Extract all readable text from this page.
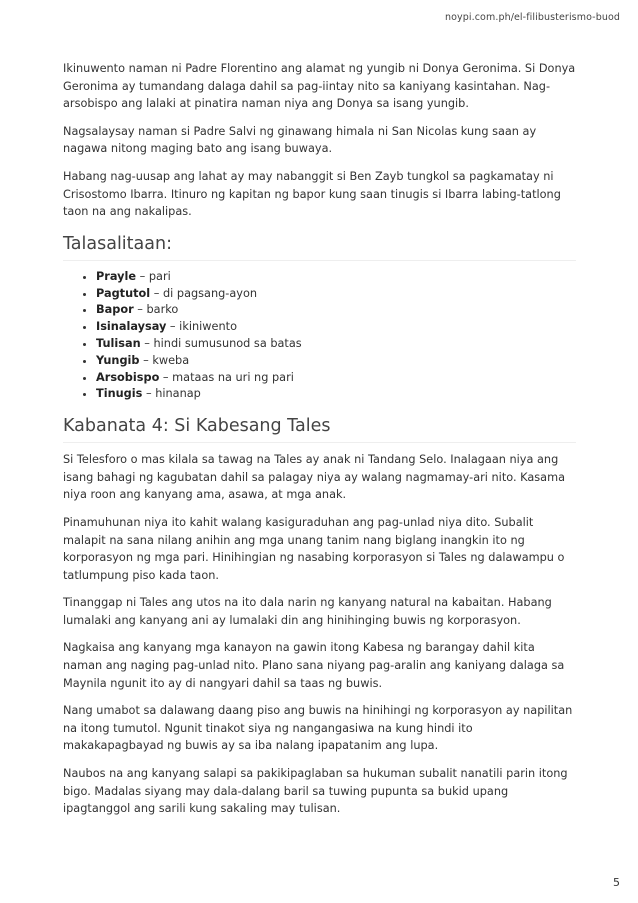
noypi.com.ph/el-filibusterismo-buod

Ikinuwento naman ni Padre Florentino ang alamat ng yungib ni Donya Geronima. Si Donya Geronima ay tumandang dalaga dahil sa pag-iintay nito sa kaniyang kasintahan. Nag-arsobispo ang lalaki at pinatira naman niya ang Donya sa isang yungib.

Nagsalaysay naman si Padre Salvi ng ginawang himala ni San Nicolas kung saan ay nagawa nitong maging bato ang isang buwaya.

Habang nag-uusap ang lahat ay may nabanggit si Ben Zayb tungkol sa pagkamatay ni Crisostomo Ibarra. Itinuro ng kapitan ng bapor kung saan tinugis si Ibarra labing-tatlong taon na ang nakalipas.

Talasalitaan:
• Prayle – pari
• Pagtutol – di pagsang-ayon
• Bapor – barko
• Isinalaysay – ikiniwento
• Tulisan – hindi sumusunod sa batas
• Yungib – kweba
• Arsobispo – mataas na uri ng pari
• Tinugis – hinanap
Kabanata 4: Si Kabesang Tales

Si Telesforo o mas kilala sa tawag na Tales ay anak ni Tandang Selo. Inalagaan niya ang isang bahagi ng kagubatan dahil sa palagay niya ay walang nagmamay-ari nito. Kasama niya roon ang kanyang ama, asawa, at mga anak.

Pinamuhunan niya ito kahit walang kasiguraduhan ang pag-unlad niya dito. Subalit malapit na sana nilang anihin ang mga unang tanim nang biglang inangkin ito ng korporasyon ng mga pari. Hinihingian ng nasabing korporasyon si Tales ng dalawampu o tatlumpung piso kada taon.

Tinanggap ni Tales ang utos na ito dala narin ng kanyang natural na kabaitan. Habang lumalaki ang kanyang ani ay lumalaki din ang hinihinging buwis ng korporasyon.

Nagkaisa ang kanyang mga kanayon na gawin itong Kabesa ng barangay dahil kita naman ang naging pag-unlad nito. Plano sana niyang pag-aralin ang kaniyang dalaga sa Maynila ngunit ito ay di nangyari dahil sa taas ng buwis.

Nang umabot sa dalawang daang piso ang buwis na hinihingi ng korporasyon ay napilitan na itong tumutol. Ngunit tinakot siya ng nangangasiwa na kung hindi ito makakapagbayad ng buwis ay sa iba nalang ipapatanim ang lupa.

Naubos na ang kanyang salapi sa pakikipaglaban sa hukuman subalit nanatili parin itong bigo. Madalas siyang may dala-dalang baril sa tuwing pupunta sa bukid upang ipagtanggol ang sarili kung sakaling may tulisan.

5
